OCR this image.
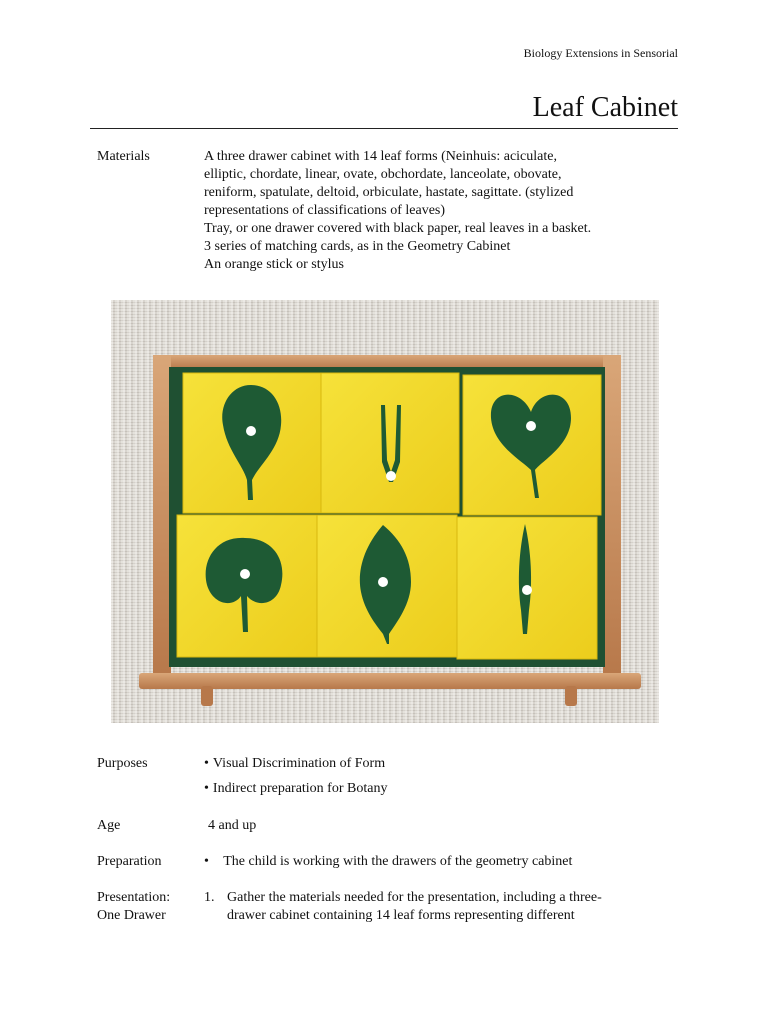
Biology Extensions in Sensorial
Leaf Cabinet
Materials	A three drawer cabinet with 14 leaf forms (Neinhuis: aciculate,
elliptic, chordate, linear, ovate, obchordate, lanceolate, obovate,
reniform, spatulate, deltoid, orbiculate, hastate, sagittate. (stylized
representations of classifications of leaves)
Tray, or one drawer covered with black paper, real leaves in a basket.
3 series of matching cards, as in the Geometry Cabinet
An orange stick or stylus
Purposes
•	Visual Discrimination of Form
• Indirect preparation for Botany
Age	4 and up
Preparation	• The child is working with the drawers of the geometry cabinet
Presentation:
One Drawer
1. Gather the materials needed for the presentation, including a three-
drawer cabinet containing 14 leaf forms representing different
